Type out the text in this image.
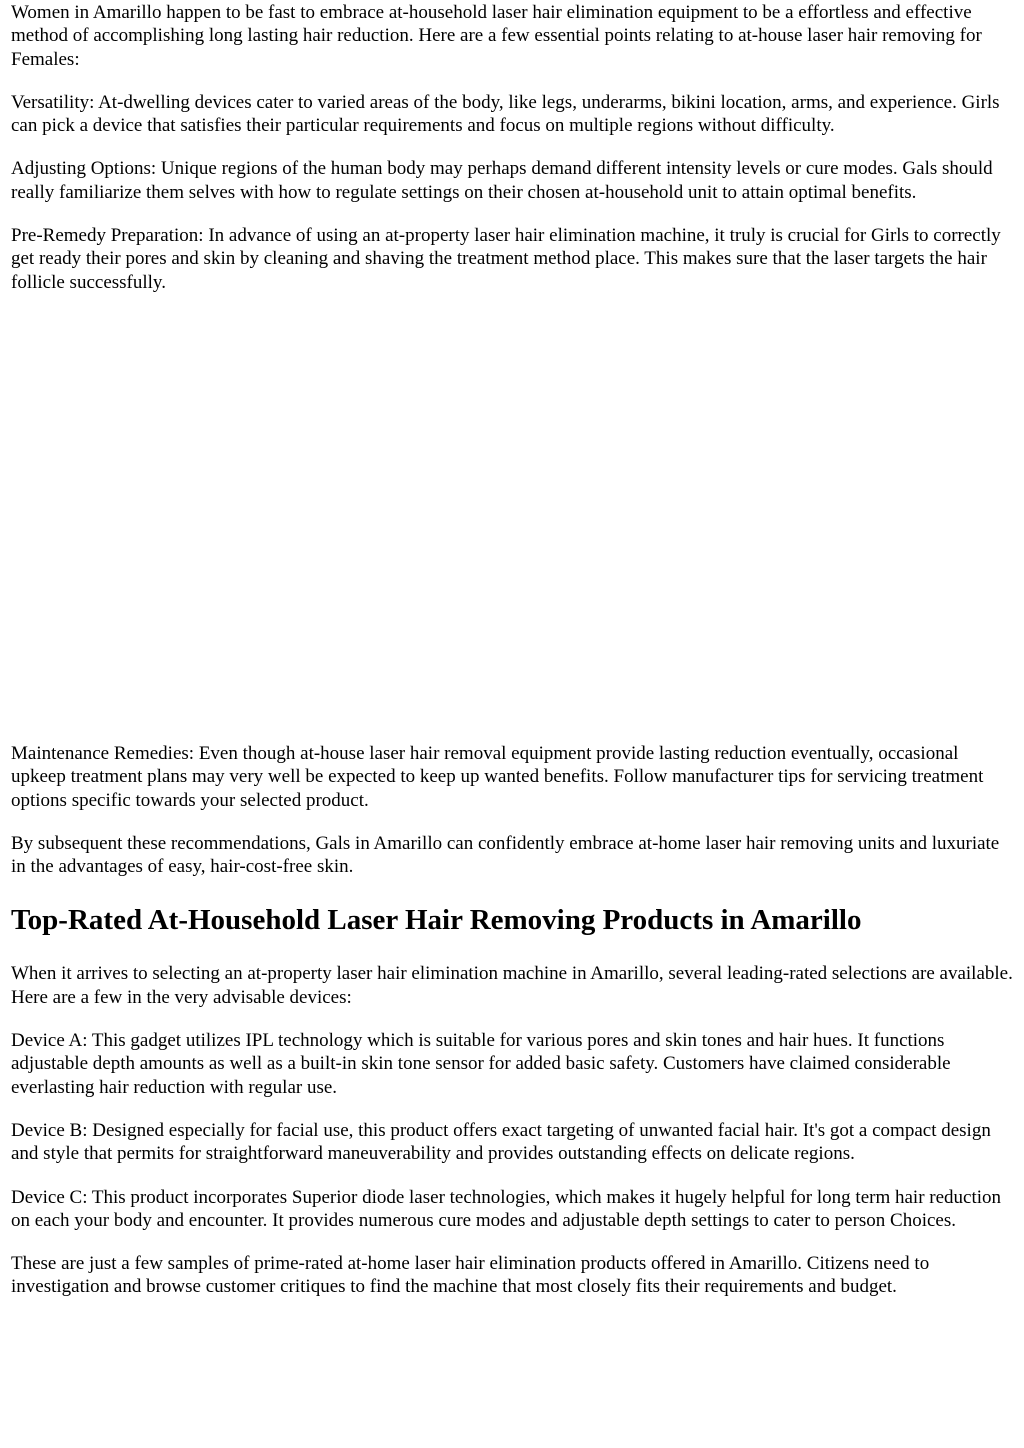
Women in Amarillo happen to be fast to embrace at-household laser hair elimination equipment to be a effortless and effective method of accomplishing long lasting hair reduction. Here are a few essential points relating to at-house laser hair removing for Females:

Versatility: At-dwelling devices cater to varied areas of the body, like legs, underarms, bikini location, arms, and experience. Girls can pick a device that satisfies their particular requirements and focus on multiple regions without difficulty.

Adjusting Options: Unique regions of the human body may perhaps demand different intensity levels or cure modes. Gals should really familiarize them selves with how to regulate settings on their chosen at-household unit to attain optimal benefits.

Pre-Remedy Preparation: In advance of using an at-property laser hair elimination machine, it truly is crucial for Girls to correctly get ready their pores and skin by cleaning and shaving the treatment method place. This makes sure that the laser targets the hair follicle successfully.

Maintenance Remedies: Even though at-house laser hair removal equipment provide lasting reduction eventually, occasional upkeep treatment plans may very well be expected to keep up wanted benefits. Follow manufacturer tips for servicing treatment options specific towards your selected product.

By subsequent these recommendations, Gals in Amarillo can confidently embrace at-home laser hair removing units and luxuriate in the advantages of easy, hair-cost-free skin.

Top-Rated At-Household Laser Hair Removing Products in Amarillo

When it arrives to selecting an at-property laser hair elimination machine in Amarillo, several leading-rated selections are available. Here are a few in the very advisable devices:

Device A: This gadget utilizes IPL technology which is suitable for various pores and skin tones and hair hues. It functions adjustable depth amounts as well as a built-in skin tone sensor for added basic safety. Customers have claimed considerable everlasting hair reduction with regular use.

Device B: Designed especially for facial use, this product offers exact targeting of unwanted facial hair. It's got a compact design and style that permits for straightforward maneuverability and provides outstanding effects on delicate regions.

Device C: This product incorporates Superior diode laser technologies, which makes it hugely helpful for long term hair reduction on each your body and encounter. It provides numerous cure modes and adjustable depth settings to cater to person Choices.

These are just a few samples of prime-rated at-home laser hair elimination products offered in Amarillo. Citizens need to investigation and browse customer critiques to find the machine that most closely fits their requirements and budget.
